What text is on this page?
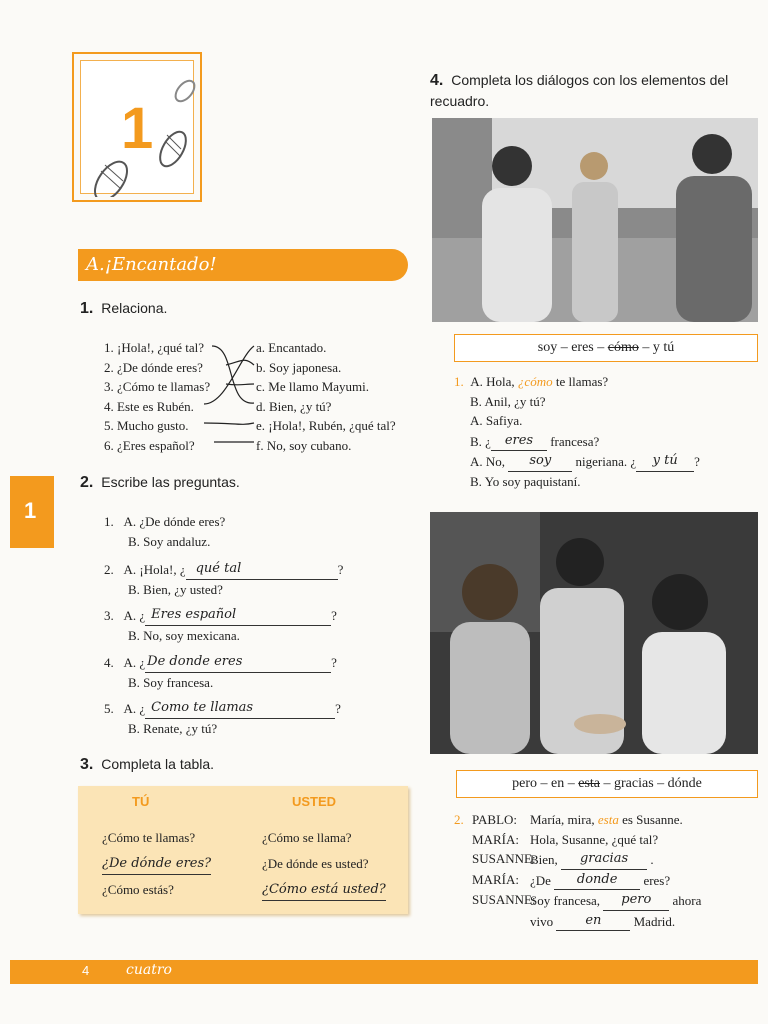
1
A.¡Encantado!
1. Relaciona.
1. ¡Hola!, ¿qué tal?
2. ¿De dónde eres?
3. ¿Cómo te llamas?
4. Este es Rubén.
5. Mucho gusto.
6. ¿Eres español?
a. Encantado.
b. Soy japonesa.
c. Me llamo Mayumi.
d. Bien, ¿y tú?
e. ¡Hola!, Rubén, ¿qué tal?
f. No, soy cubano.
1
2. Escribe las preguntas.
1. A. ¿De dónde eres?
B. Soy andaluz.
2. A. ¡Hola!, ¿ qué tal	?
B. Bien, ¿y usted?
3. A. ¿ Eres español	?
B. No, soy mexicana.
4. A. ¿ De donde eres	?
B. Soy francesa.
5. A. ¿ Como te llamas	?
B. Renate, ¿y tú?
3. Completa la tabla.
TÚ	USTED
¿Cómo te llamas?	¿Cómo se llama?
¿De dónde eres?	¿De dónde es usted?
¿Cómo estás?	¿Cómo está usted?
4. Completa los diálogos con los elementos del
recuadro.
soy – eres – cómo – y tú
1. A. Hola, ¿cómo te llamas?
B. Anil, ¿y tú?
A. Safiya.
B. ¿ eres francesa?
A. No, soy nigeriana. ¿ y tú ?
B. Yo soy paquistaní.
pero – en – esta – gracias – dónde
2. PABLO: María, mira, esta es Susanne.
MARÍA: Hola, Susanne, ¿qué tal?
SUSANNE:
Bien, gracias .
MARÍA: ¿De donde eres?
SUSANNE:
Soy francesa, pero ahora
vivo en Madrid.
4	cuatro
